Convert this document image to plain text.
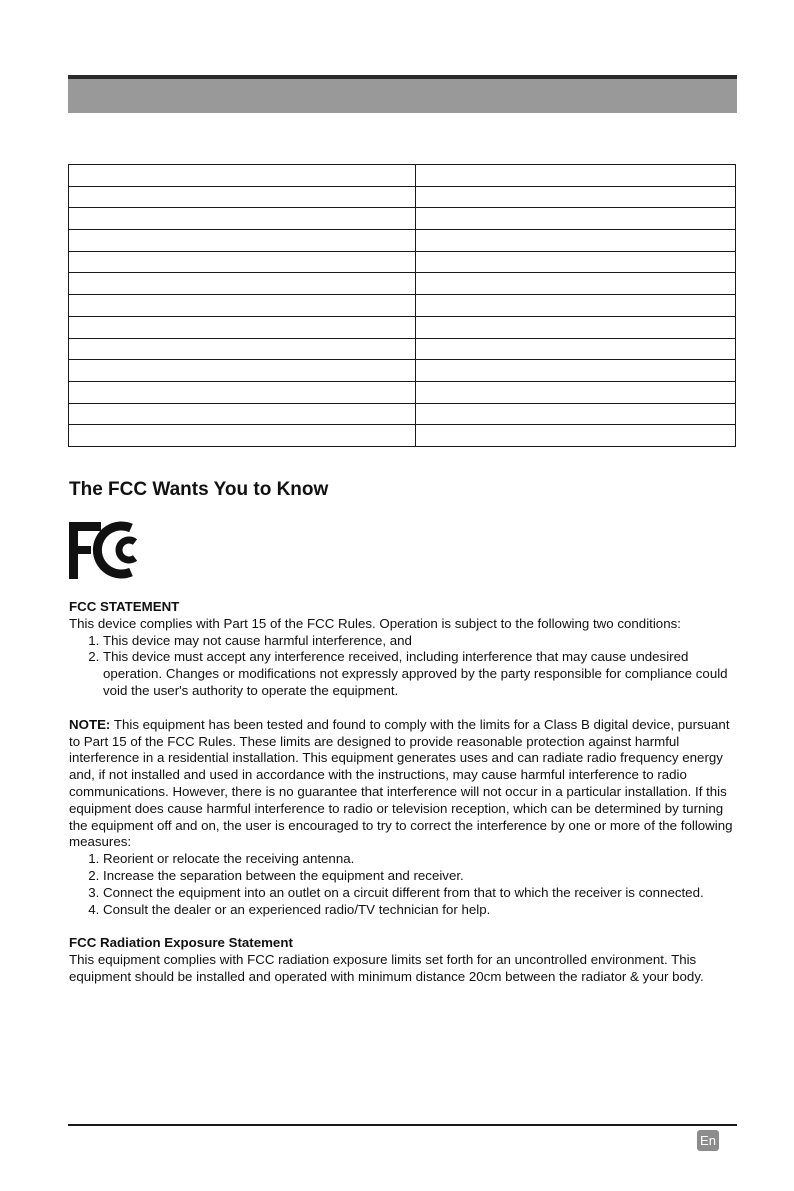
The FCC Wants You to Know

FCC STATEMENT

This device complies with Part 15 of the FCC Rules. Operation is subject to the following two conditions:

1. This device may not cause harmful interference, and
2. This device must accept any interference received, including interference that may cause undesired operation. Changes or modifications not expressly approved by the party responsible for compliance could void the user's authority to operate the equipment.

NOTE: This equipment has been tested and found to comply with the limits for a Class B digital device, pursuant to Part 15 of the FCC Rules. These limits are designed to provide reasonable protection against harmful interference in a residential installation. This equipment generates uses and can radiate radio frequency energy and, if not installed and used in accordance with the instructions, may cause harmful interference to radio communications. However, there is no guarantee that interference will not occur in a particular installation. If this equipment does cause harmful interference to radio or television reception, which can be determined by turning the equipment off and on, the user is encouraged to try to correct the interference by one or more of the following measures:

1. Reorient or relocate the receiving antenna.
2. Increase the separation between the equipment and receiver.
3. Connect the equipment into an outlet on a circuit different from that to which the receiver is connected.
4. Consult the dealer or an experienced radio/TV technician for help.

FCC Radiation Exposure Statement

This equipment complies with FCC radiation exposure limits set forth for an uncontrolled environment. This equipment should be installed and operated with minimum distance 20cm between the radiator & your body.

En
